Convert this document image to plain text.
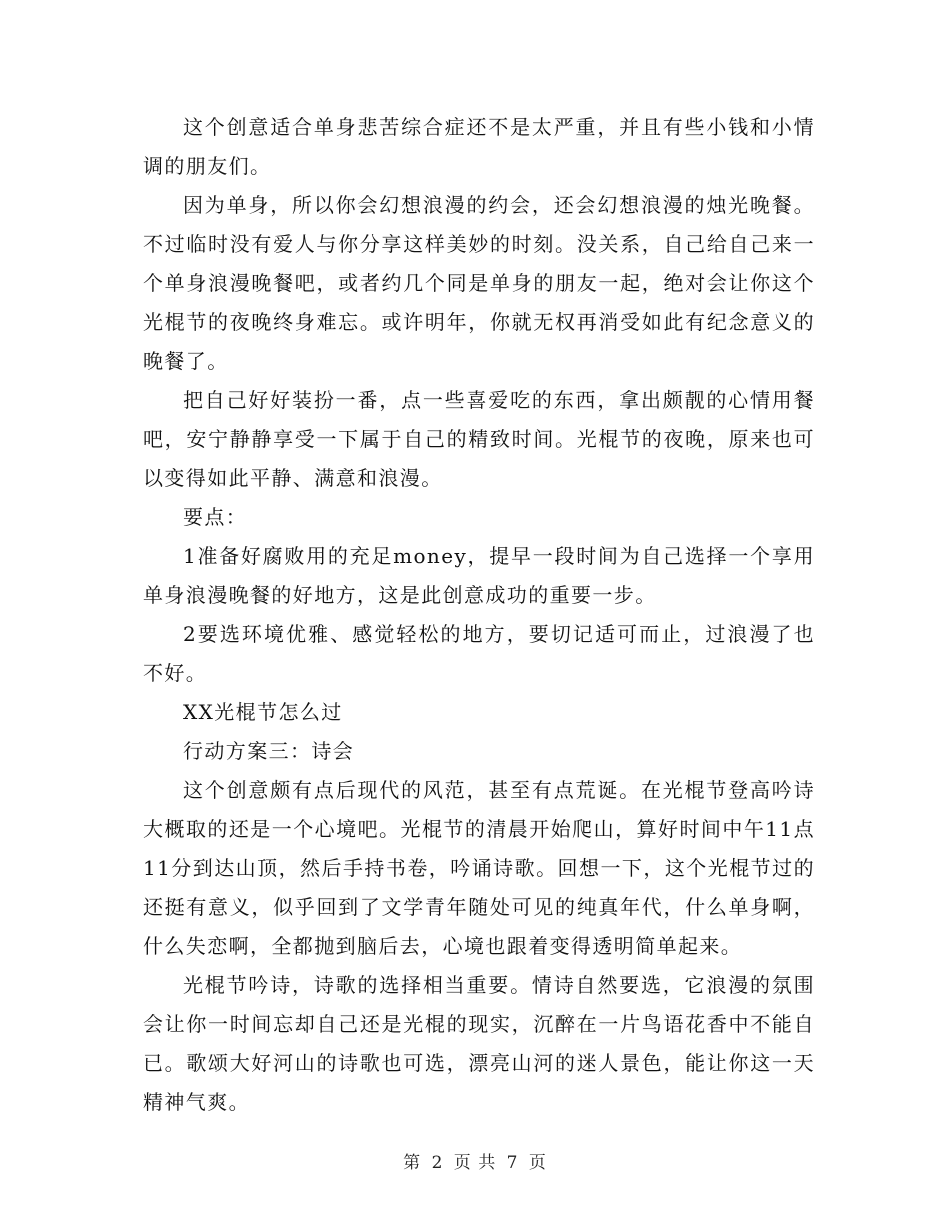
这个创意适合单身悲苦综合症还不是太严重，并且有些小钱和小情调的朋友们。

因为单身，所以你会幻想浪漫的约会，还会幻想浪漫的烛光晚餐。不过临时没有爱人与你分享这样美妙的时刻。没关系，自己给自己来一个单身浪漫晚餐吧，或者约几个同是单身的朋友一起，绝对会让你这个光棍节的夜晚终身难忘。或许明年，你就无权再消受如此有纪念意义的晚餐了。

把自己好好装扮一番，点一些喜爱吃的东西，拿出颇靓的心情用餐吧，安宁静静享受一下属于自己的精致时间。光棍节的夜晚，原来也可以变得如此平静、满意和浪漫。

要点：

1准备好腐败用的充足money，提早一段时间为自己选择一个享用单身浪漫晚餐的好地方，这是此创意成功的重要一步。

2要选环境优雅、感觉轻松的地方，要切记适可而止，过浪漫了也不好。

XX光棍节怎么过

行动方案三：诗会

这个创意颇有点后现代的风范，甚至有点荒诞。在光棍节登高吟诗大概取的还是一个心境吧。光棍节的清晨开始爬山，算好时间中午11点11分到达山顶，然后手持书卷，吟诵诗歌。回想一下，这个光棍节过的还挺有意义，似乎回到了文学青年随处可见的纯真年代，什么单身啊，什么失恋啊，全都抛到脑后去，心境也跟着变得透明简单起来。

光棍节吟诗，诗歌的选择相当重要。情诗自然要选，它浪漫的氛围会让你一时间忘却自己还是光棍的现实，沉醉在一片鸟语花香中不能自已。歌颂大好河山的诗歌也可选，漂亮山河的迷人景色，能让你这一天精神气爽。

第 2 页 共 7 页
